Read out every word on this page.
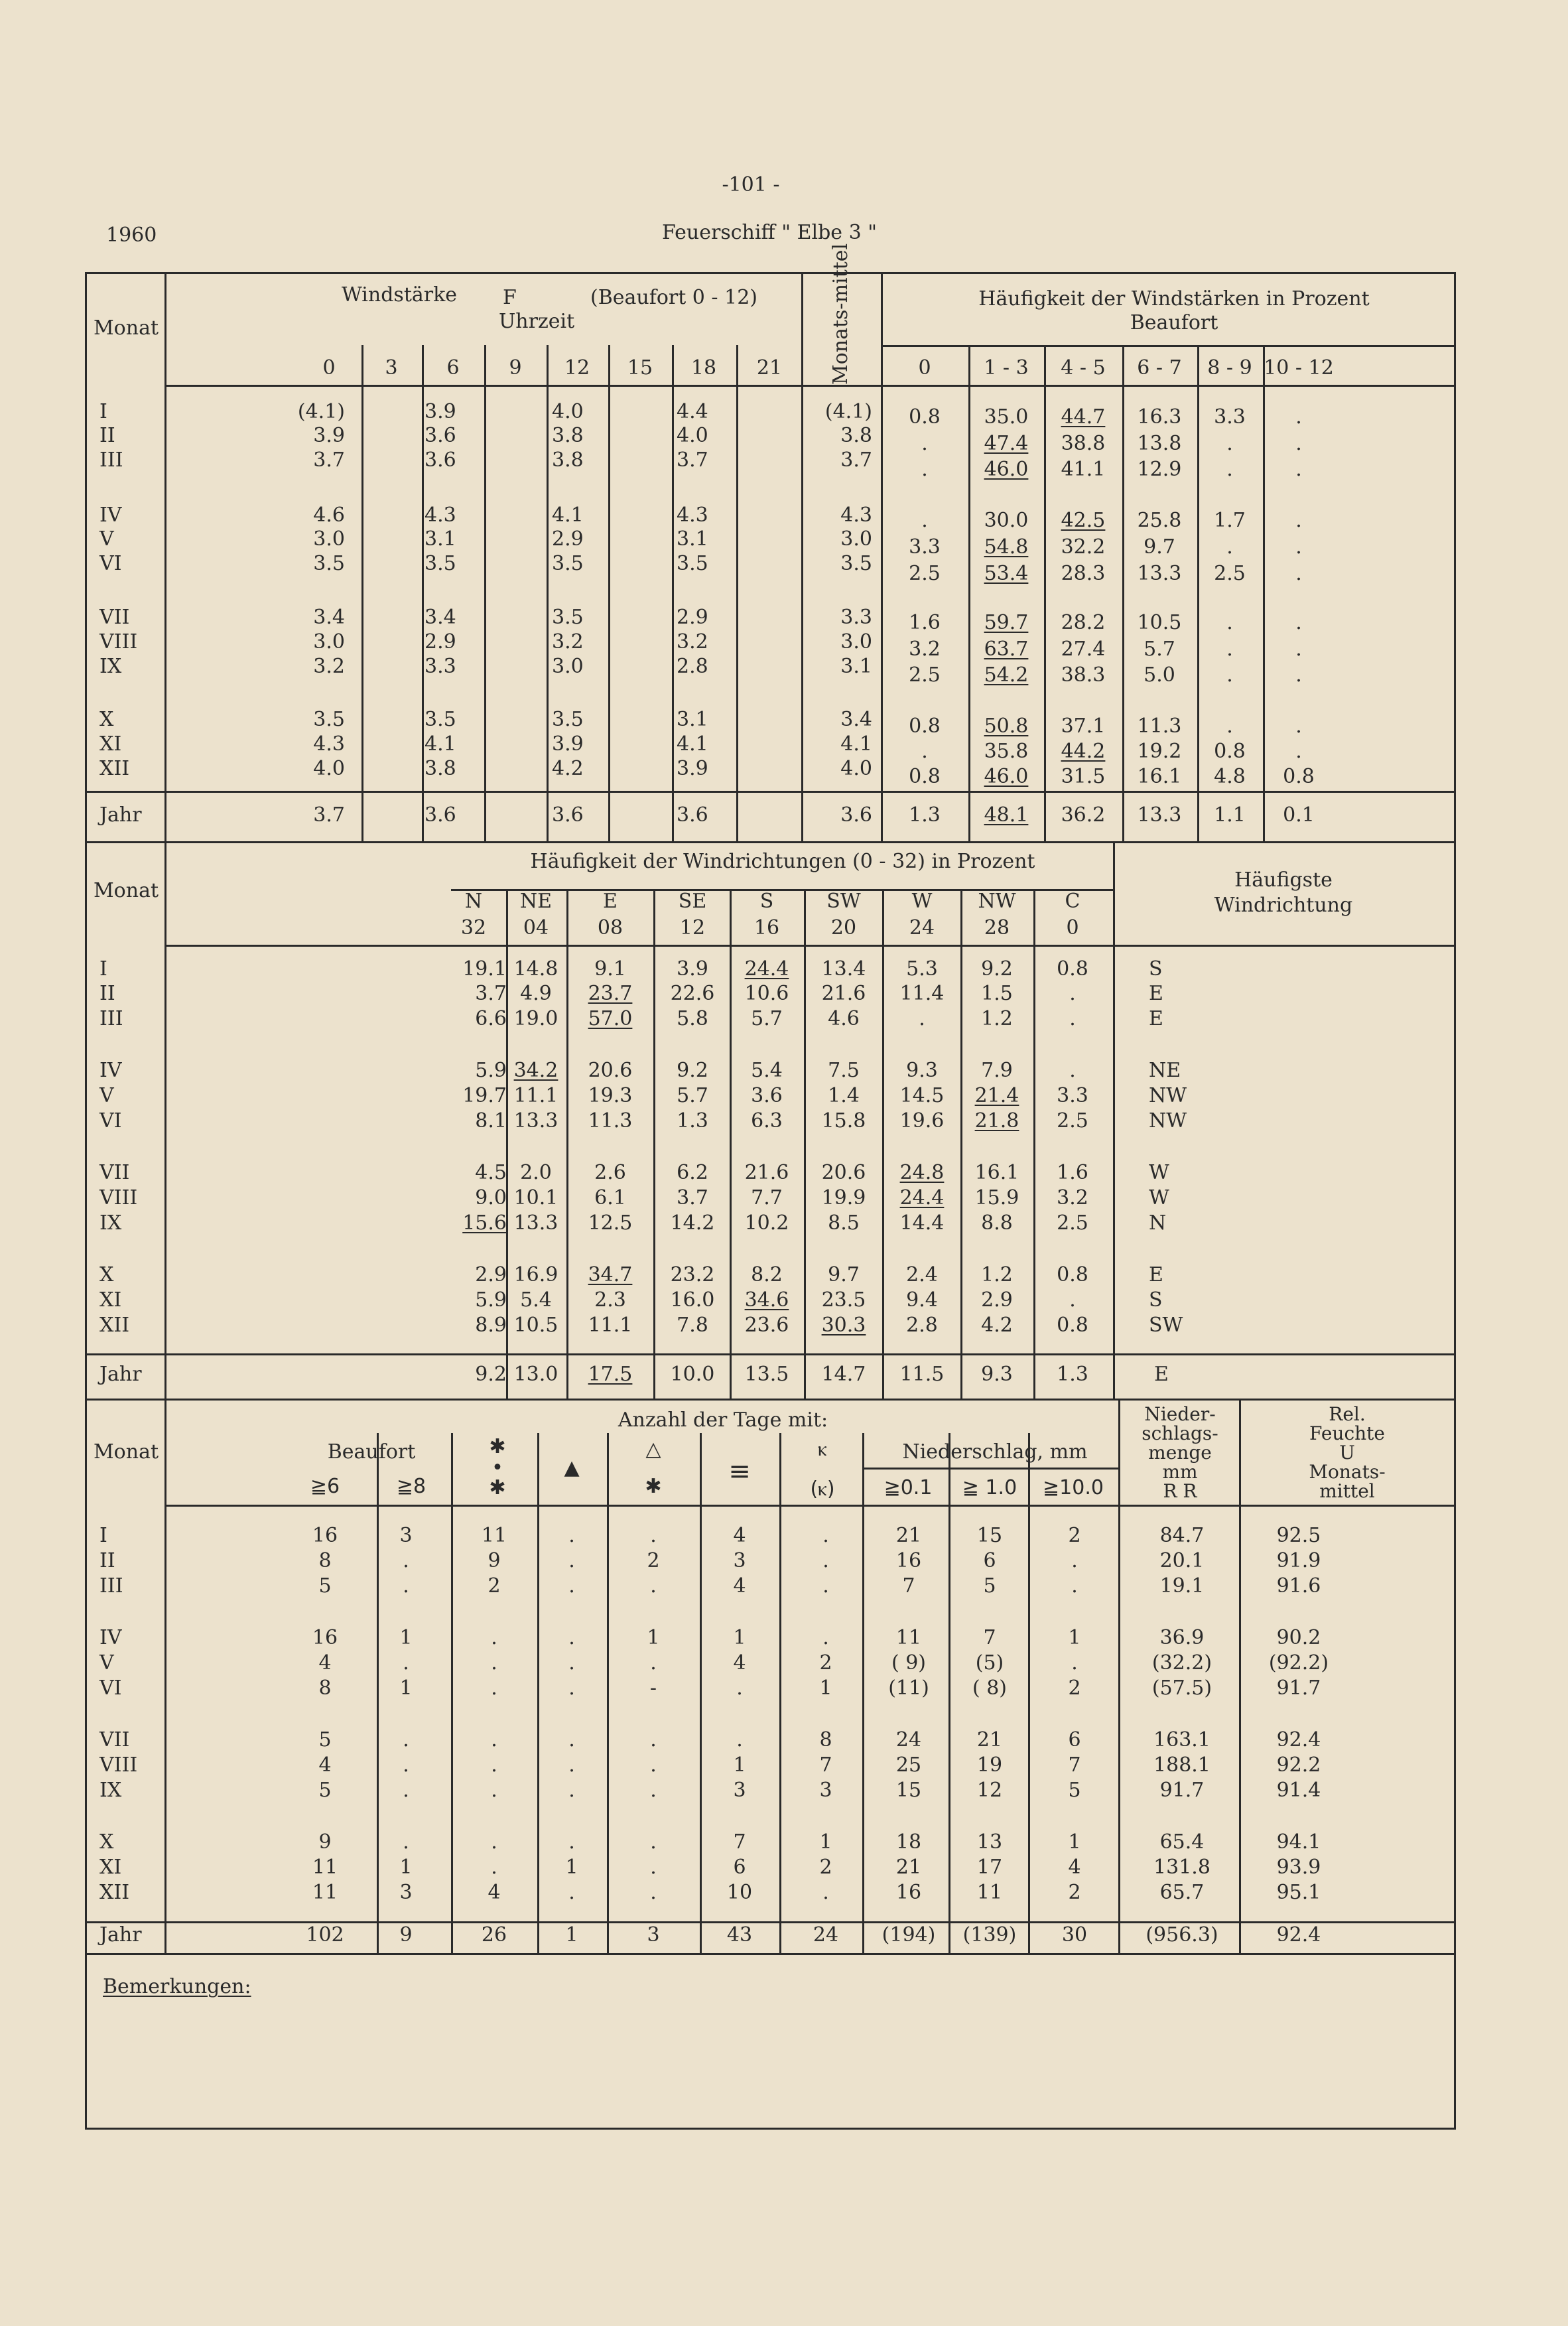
-101 -
1960	Feuerschiff " Elbe 3 "
Monat
Windstärke F	(Beaufort 0 - 12)
Uhrzeit
0	3	6	9	12	15	18	21	Monats-mittel	Häufigkeit der Windstärken in Prozent
Beaufort
0	1 - 3	4 - 5	6 - 7	8 - 9 10 - 12
I	(4.1)	3.9	4.0	4.4	(4.1)	0.8	35.0	44.7	16.3	3.3	.
II	3.9	3.6	3.8	4.0	3.8	.	47.4	38.8	13.8	.	.
III	3.7	3.6	3.8	3.7	3.7	.	46.0	41.1	12.9	.	.
IV	4.6	4.3	4.1	4.3	4.3	.	30.0	42.5	25.8	1.7	.
V	3.0	3.1	2.9	3.1	3.0	3.3	54.8	32.2	9.7	.	.
VI	3.5	3.5	3.5	3.5	3.5	2.5	53.4	28.3	13.3	2.5	.
VII	3.4	3.4	3.5	2.9	3.3	1.6	59.7	28.2	10.5	.	.
VIII	3.0	2.9	3.2	3.2	3.0	3.2	63.7	27.4	5.7	.	.
IX	3.2	3.3	3.0	2.8	3.1	2.5	54.2	38.3	5.0	.	.
X	3.5	3.5	3.5	3.1	3.4	0.8	50.8	37.1	11.3	.	.
XI	4.3	4.1	3.9	4.1	4.1	.	35.8	44.2	19.2	0.8	.
XII	4.0	3.8	4.2	3.9	4.0	0.8	46.0	31.5	16.1	4.8	0.8
Jahr	3.7	3.6	3.6	3.6	3.6	1.3	48.1	36.2	13.3	1.1	0.1
Monat
Häufigkeit der Windrichtungen (0 - 32) in Prozent
Häufigste
Windrichtung
N	NE	E	SE	S	SW	W	NW	C
32	04	08	12	16	20	24	28	0
I	19.1 14.8	9.1	3.9	24.4	13.4	5.3	9.2	0.8	S
II	3.7 4.9	23.7	22.6	10.6	21.6	11.4	1.5	.	E
III	6.6 19.0	57.0	5.8	5.7	4.6	.	1.2	.	E
IV	5.9 34.2	20.6	9.2	5.4	7.5	9.3	7.9	.	NE
V	19.7 11.1	19.3	5.7	3.6	1.4	14.5	21.4	3.3	NW
VI	8.1 13.3	11.3	1.3	6.3	15.8	19.6	21.8	2.5	NW
VII	4.5 2.0	2.6	6.2	21.6	20.6	24.8	16.1	1.6	W
VIII	9.0 10.1	6.1	3.7	7.7	19.9	24.4	15.9	3.2	W
IX	15.6 13.3	12.5	14.2	10.2	8.5	14.4	8.8	2.5	N
X	2.9 16.9	34.7	23.2	8.2	9.7	2.4	1.2	0.8	E
XI	5.9 5.4	2.3	16.0	34.6	23.5	9.4	2.9	.	S
XII	8.9 10.5	11.1	7.8	23.6	30.3	2.8	4.2	0.8	SW
Jahr	9.2 13.0	17.5	10.0	13.5	14.7	11.5	9.3	1.3	E
Monat
Anzahl der Tage mit:
Beaufort
≧6	≧8
✱
•
✱
▲
△
✱	≡
ⲕ
(ⲕ)
Niederschlag, mm
≧0.1	≧ 1.0	≧10.0
Nieder-
schlags-
menge
mm
R R
Rel.
Feuchte
U
Monats-
mittel
I	16	3	11	.	.	4	.	21	15	2	84.7	92.5
II	8	.	9	.	2	3	.	16	6	.	20.1	91.9
III	5	.	2	.	.	4	.	7	5	.	19.1	91.6
IV	16	1	.	.	1	1	.	11	7	1	36.9	90.2
V	4	.	.	.	.	4	2	( 9)	(5)	.	(32.2)	(92.2)
VI	8	1	.	.	-	.	1	(11)	( 8)	2	(57.5)	91.7
VII	5	.	.	.	.	.	8	24	21	6	163.1	92.4
VIII	4	.	.	.	.	1	7	25	19	7	188.1	92.2
IX	5	.	.	.	.	3	3	15	12	5	91.7	91.4
X	9	.	.	.	.	7	1	18	13	1	65.4	94.1
XI	11	1	.	1	.	6	2	21	17	4	131.8	93.9
XII	11	3	4	.	.	10	.	16	11	2	65.7	95.1
Jahr	102	9	26	1	3	43	24	(194)	(139)	30	(956.3)	92.4
Bemerkungen:
